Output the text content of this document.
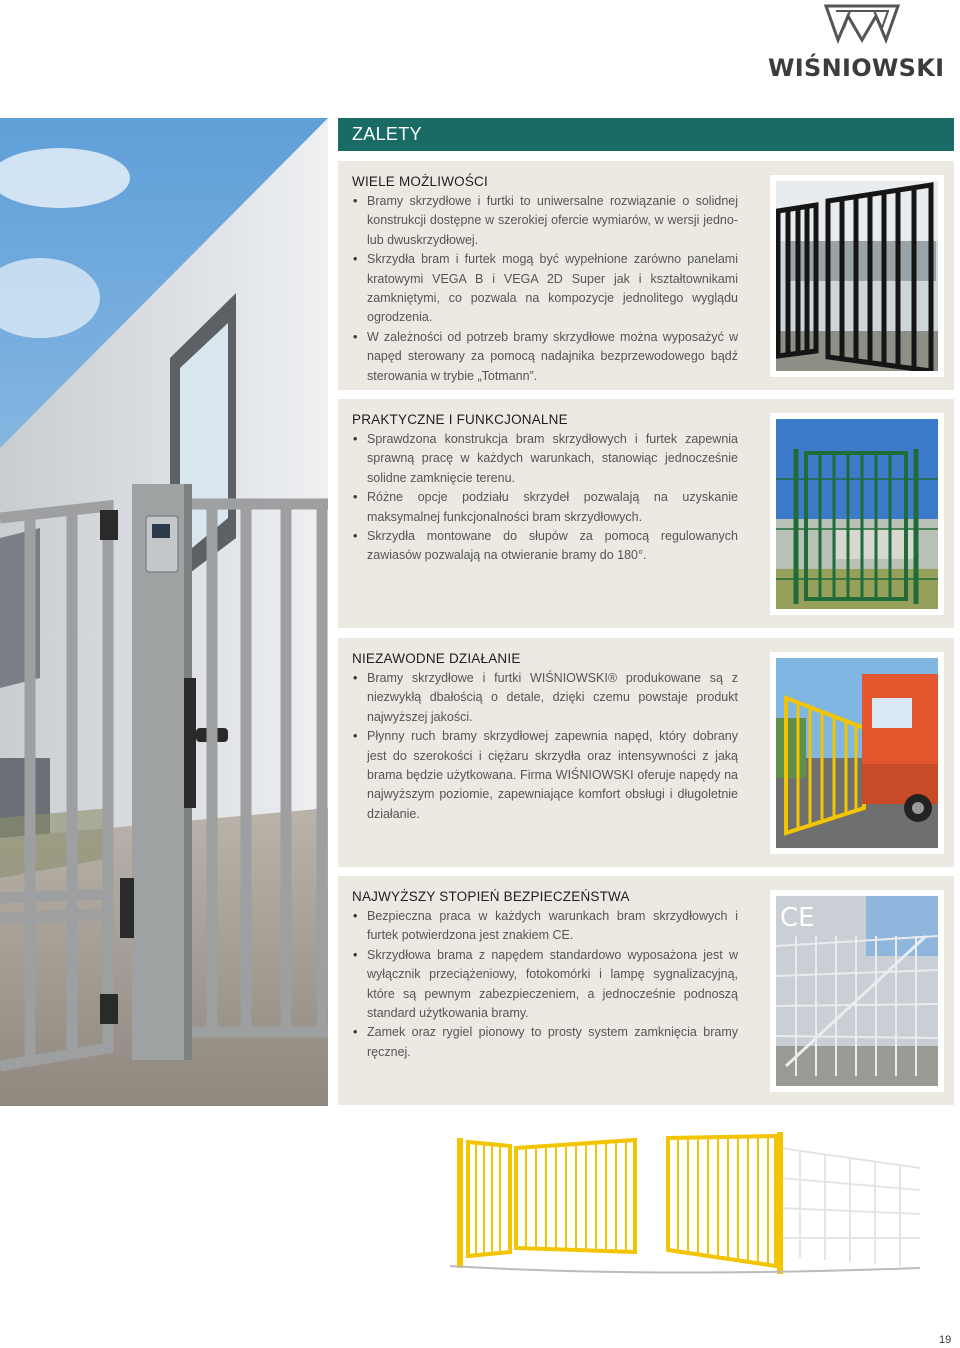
WIŚNIOWSKI
ZALETY
WIELE MOŻLIWOŚCI
• Bramy skrzydłowe i furtki to uniwersalne rozwiązanie o solidnej konstrukcji dostępne w szerokiej ofercie wymiarów, w wersji jedno- lub dwuskrzydłowej.
• Skrzydła bram i furtek mogą być wypełnione zarówno panelami kratowymi VEGA B i VEGA 2D Super jak i kształtownikami zamkniętymi, co pozwala na kompozycje jednolitego wyglądu ogrodzenia.
• W zależności od potrzeb bramy skrzydłowe można wyposażyć w napęd sterowany za pomocą nadajnika bezprzewodowego bądź sterowania w trybie „Totmann”.
PRAKTYCZNE I FUNKCJONALNE
• Sprawdzona konstrukcja bram skrzydłowych i furtek zapewnia sprawną pracę w każdych warunkach, stanowiąc jednocześnie solidne zamknięcie terenu.
• Różne opcje podziału skrzydeł pozwalają na uzyskanie maksymalnej funkcjonalności bram skrzydłowych.
• Skrzydła montowane do słupów za pomocą regulowanych zawiasów pozwalają na otwieranie bramy do 180°.
NIEZAWODNE DZIAŁANIE
• Bramy skrzydłowe i furtki WIŚNIOWSKI® produkowane są z niezwykłą dbałością o detale, dzięki czemu powstaje produkt najwyższej jakości.
• Płynny ruch bramy skrzydłowej zapewnia napęd, który dobrany jest do szerokości i ciężaru skrzydła oraz intensywności z jaką brama będzie użytkowana. Firma WIŚNIOWSKI oferuje napędy na najwyższym poziomie, zapewniające komfort obsługi i długoletnie działanie.
NAJWYŻSZY STOPIEŃ BEZPIECZEŃSTWA
• Bezpieczna praca w każdych warunkach bram skrzydłowych i furtek potwierdzona jest znakiem CE.
• Skrzydłowa brama z napędem standardowo wyposażona jest w wyłącznik przeciążeniowy, fotokomórki i lampę sygnalizacyjną, które są pewnym zabezpieczeniem, a jednocześnie podnoszą standard użytkowania bramy.
• Zamek oraz rygiel pionowy to prosty system zamknięcia bramy ręcznej.
CE
19
